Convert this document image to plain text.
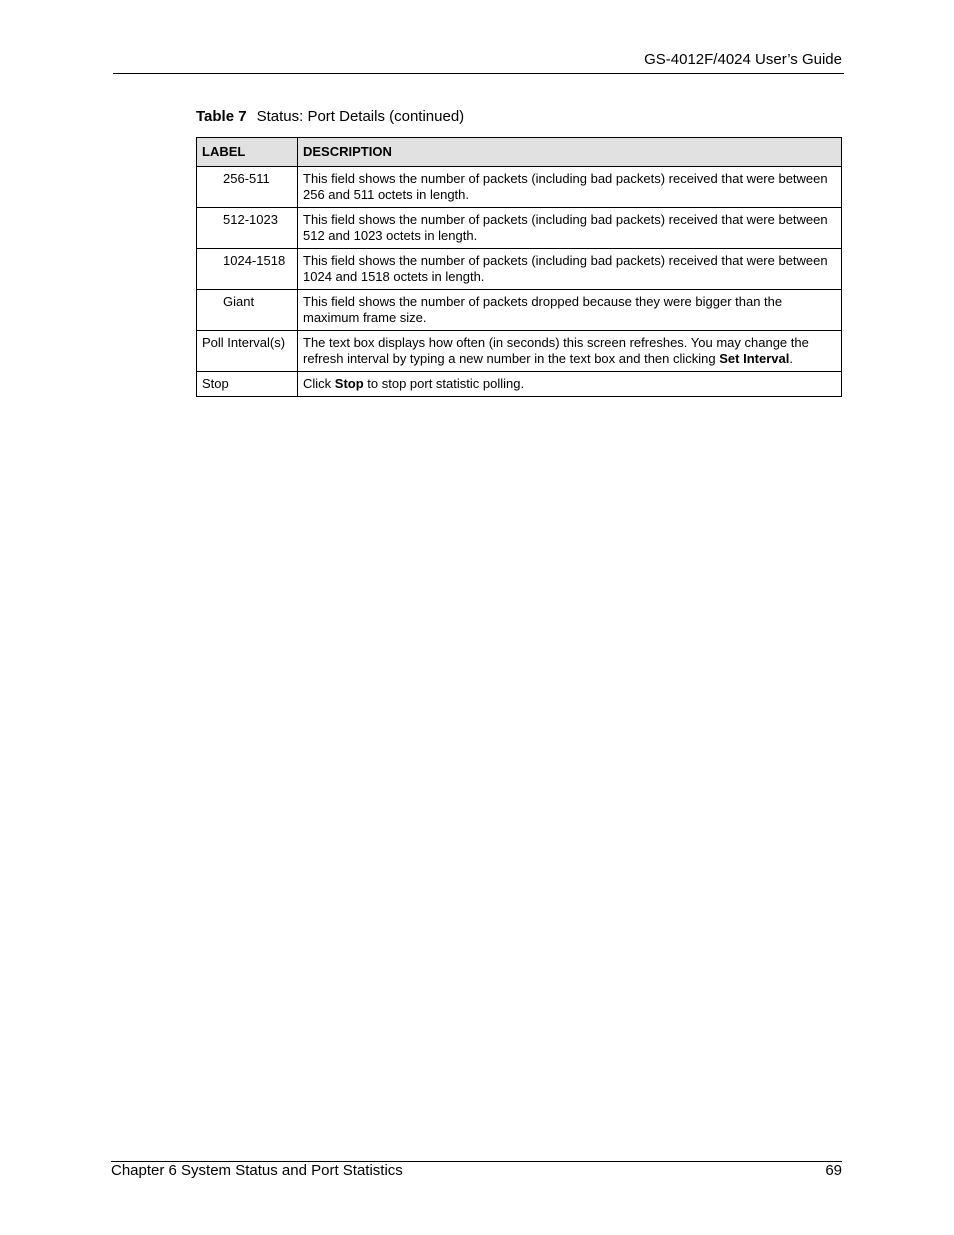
GS-4012F/4024 User’s Guide
Table 7 Status: Port Details (continued)
LABEL	DESCRIPTION
256-511	This field shows the number of packets (including bad packets) received that were between 256 and 511 octets in length.
512-1023	This field shows the number of packets (including bad packets) received that were between 512 and 1023 octets in length.
1024-1518	This field shows the number of packets (including bad packets) received that were between 1024 and 1518 octets in length.
Giant	This field shows the number of packets dropped because they were bigger than the maximum frame size.
Poll Interval(s)	The text box displays how often (in seconds) this screen refreshes. You may change the refresh interval by typing a new number in the text box and then clicking Set Interval.
Stop	Click Stop to stop port statistic polling.
Chapter 6 System Status and Port Statistics	69
